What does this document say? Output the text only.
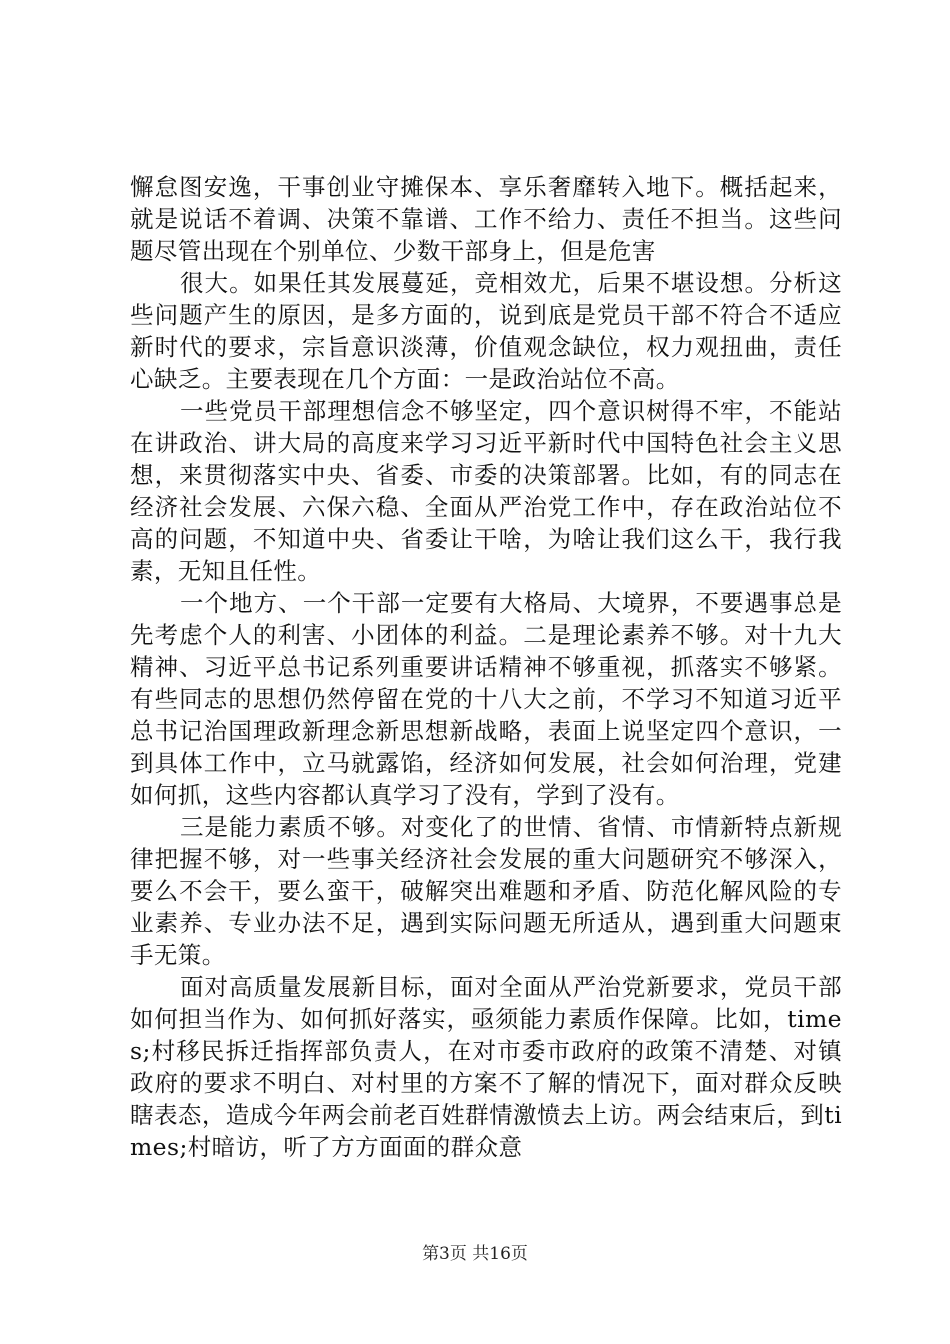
懈怠图安逸，干事创业守摊保本、享乐奢靡转入地下。概括起来，就是说话不着调、决策不靠谱、工作不给力、责任不担当。这些问题尽管出现在个别单位、少数干部身上，但是危害

很大。如果任其发展蔓延，竞相效尤，后果不堪设想。分析这些问题产生的原因，是多方面的，说到底是党员干部不符合不适应新时代的要求，宗旨意识淡薄，价值观念缺位，权力观扭曲，责任心缺乏。主要表现在几个方面：一是政治站位不高。

一些党员干部理想信念不够坚定，四个意识树得不牢，不能站在讲政治、讲大局的高度来学习习近平新时代中国特色社会主义思想，来贯彻落实中央、省委、市委的决策部署。比如，有的同志在经济社会发展、六保六稳、全面从严治党工作中，存在政治站位不高的问题，不知道中央、省委让干啥，为啥让我们这么干，我行我素，无知且任性。

一个地方、一个干部一定要有大格局、大境界，不要遇事总是先考虑个人的利害、小团体的利益。二是理论素养不够。对十九大精神、习近平总书记系列重要讲话精神不够重视，抓落实不够紧。有些同志的思想仍然停留在党的十八大之前，不学习不知道习近平总书记治国理政新理念新思想新战略，表面上说坚定四个意识，一到具体工作中，立马就露馅，经济如何发展，社会如何治理，党建如何抓，这些内容都认真学习了没有，学到了没有。

三是能力素质不够。对变化了的世情、省情、市情新特点新规律把握不够，对一些事关经济社会发展的重大问题研究不够深入，要么不会干，要么蛮干，破解突出难题和矛盾、防范化解风险的专业素养、专业办法不足，遇到实际问题无所适从，遇到重大问题束手无策。

面对高质量发展新目标，面对全面从严治党新要求，党员干部如何担当作为、如何抓好落实，亟须能力素质作保障。比如，times;村移民拆迁指挥部负责人，在对市委市政府的政策不清楚、对镇政府的要求不明白、对村里的方案不了解的情况下，面对群众反映瞎表态，造成今年两会前老百姓群情激愤去上访。两会结束后，到times;村暗访，听了方方面面的群众意

第3页 共16页
